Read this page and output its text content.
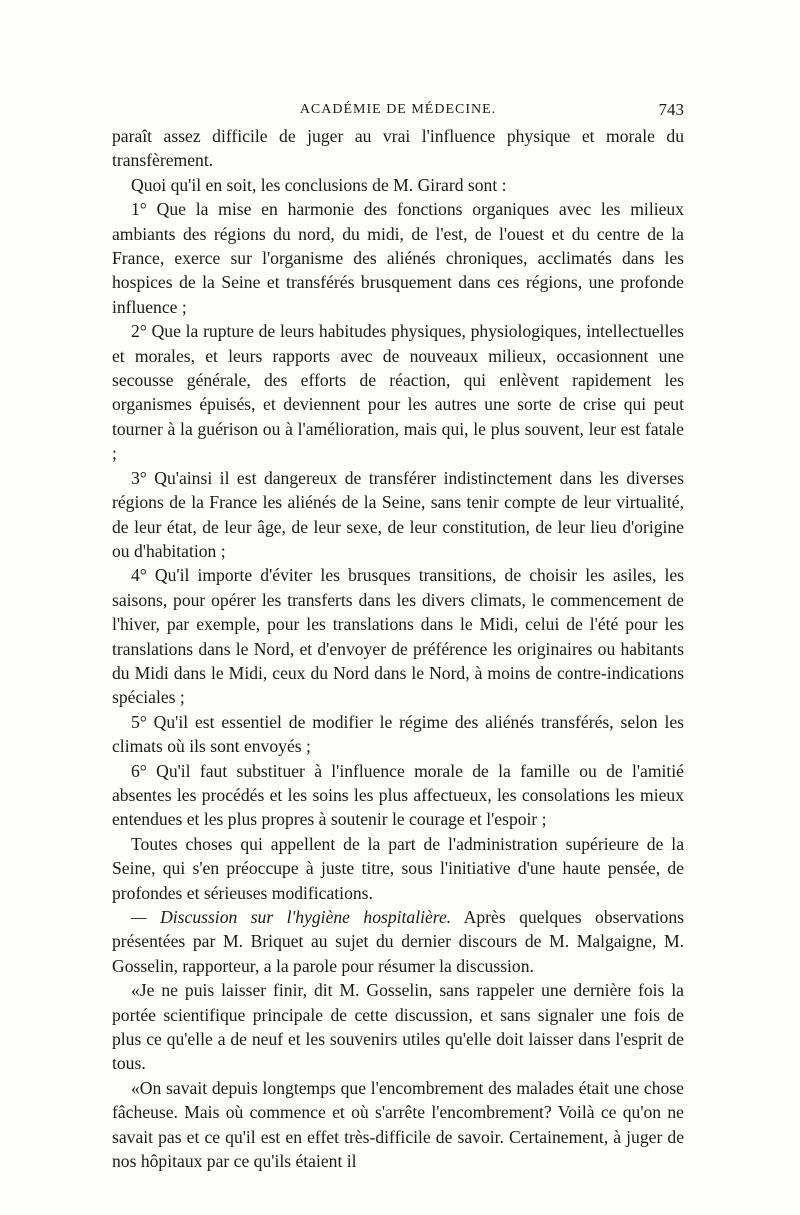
ACADÉMIE DE MÉDECINE.	743

paraît assez difficile de juger au vrai l'influence physique et morale du transfèrement.

Quoi qu'il en soit, les conclusions de M. Girard sont :

1° Que la mise en harmonie des fonctions organiques avec les milieux ambiants des régions du nord, du midi, de l'est, de l'ouest et du centre de la France, exerce sur l'organisme des aliénés chroniques, acclimatés dans les hospices de la Seine et transférés brusquement dans ces régions, une profonde influence ;

2° Que la rupture de leurs habitudes physiques, physiologiques, intellectuelles et morales, et leurs rapports avec de nouveaux milieux, occasionnent une secousse générale, des efforts de réaction, qui enlèvent rapidement les organismes épuisés, et deviennent pour les autres une sorte de crise qui peut tourner à la guérison ou à l'amélioration, mais qui, le plus souvent, leur est fatale ;

3° Qu'ainsi il est dangereux de transférer indistinctement dans les diverses régions de la France les aliénés de la Seine, sans tenir compte de leur virtualité, de leur état, de leur âge, de leur sexe, de leur constitution, de leur lieu d'origine ou d'habitation ;

4° Qu'il importe d'éviter les brusques transitions, de choisir les asiles, les saisons, pour opérer les transferts dans les divers climats, le commencement de l'hiver, par exemple, pour les translations dans le Midi, celui de l'été pour les translations dans le Nord, et d'envoyer de préférence les originaires ou habitants du Midi dans le Midi, ceux du Nord dans le Nord, à moins de contre-indications spéciales ;

5° Qu'il est essentiel de modifier le régime des aliénés transférés, selon les climats où ils sont envoyés ;

6° Qu'il faut substituer à l'influence morale de la famille ou de l'amitié absentes les procédés et les soins les plus affectueux, les consolations les mieux entendues et les plus propres à soutenir le courage et l'espoir ;

Toutes choses qui appellent de la part de l'administration supérieure de la Seine, qui s'en préoccupe à juste titre, sous l'initiative d'une haute pensée, de profondes et sérieuses modifications.

— Discussion sur l'hygiène hospitalière. Après quelques observations présentées par M. Briquet au sujet du dernier discours de M. Malgaigne, M. Gosselin, rapporteur, a la parole pour résumer la discussion.

«Je ne puis laisser finir, dit M. Gosselin, sans rappeler une dernière fois la portée scientifique principale de cette discussion, et sans signaler une fois de plus ce qu'elle a de neuf et les souvenirs utiles qu'elle doit laisser dans l'esprit de tous.

«On savait depuis longtemps que l'encombrement des malades était une chose fâcheuse. Mais où commence et où s'arrête l'encombrement? Voilà ce qu'on ne savait pas et ce qu'il est en effet très-difficile de savoir. Certainement, à juger de nos hôpitaux par ce qu'ils étaient il
